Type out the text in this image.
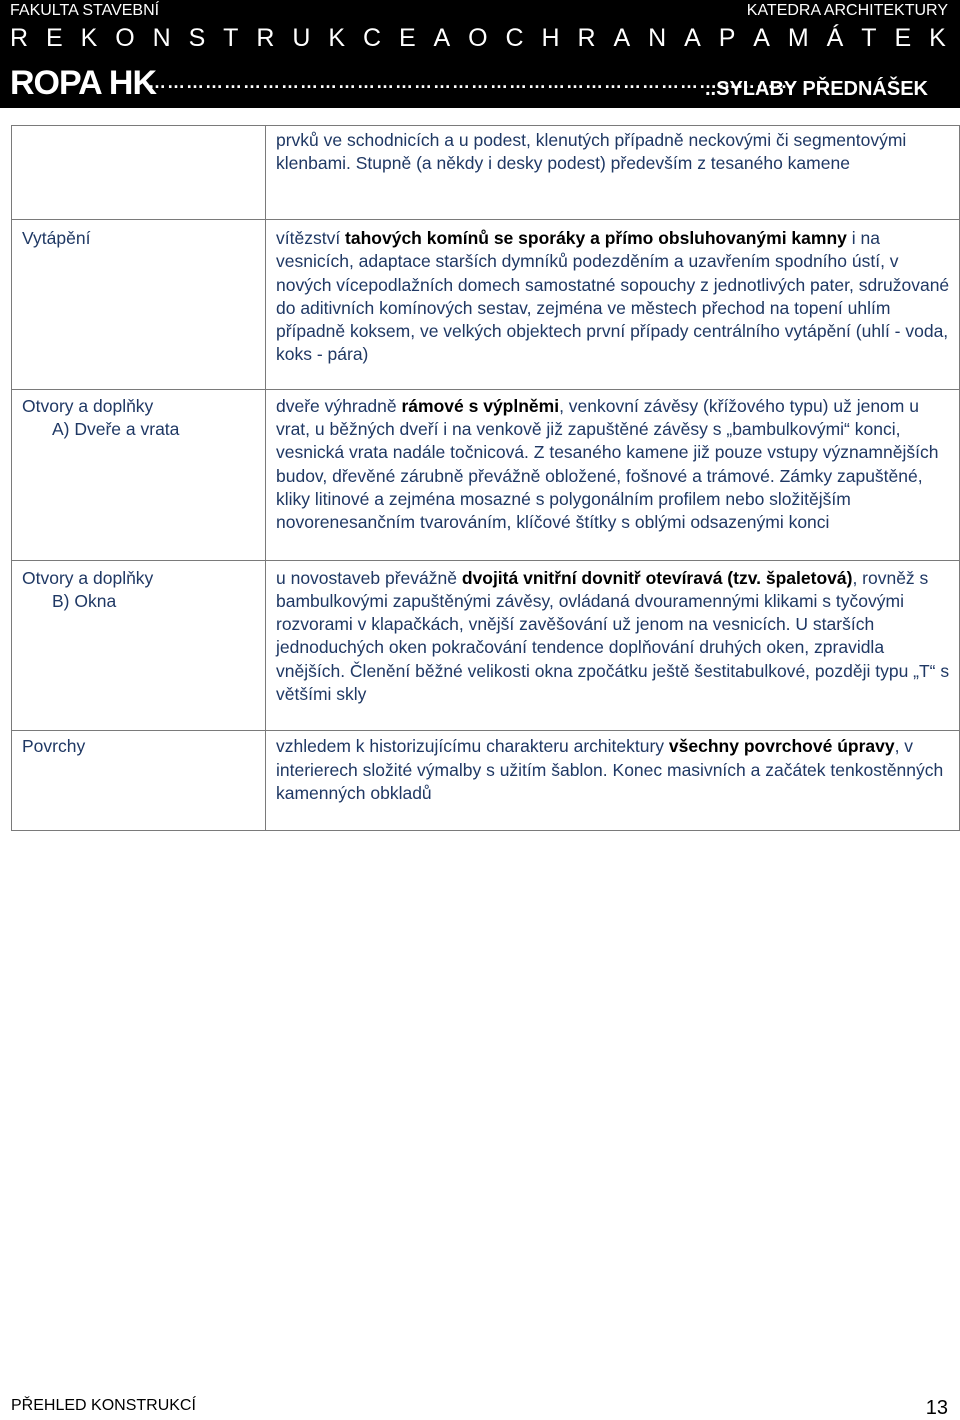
FAKULTA STAVEBNÍ	KATEDRA ARCHITEKTURY
R E K O N S T R U K C E A O C H R A N A P A M Á T E K
ROPA HK
…………………………………………………………………………………………
..SYLABY PŘEDNÁŠEK
	prvků ve schodnicích a u podest, klenutých případně neckovými či segmentovými klenbami. Stupně (a někdy i desky podest) především z tesaného kamene

Vytápění	vítězství tahových komínů se sporáky a přímo obsluhovanými kamny i na vesnicích, adaptace starších dymníků podezděním a uzavřením spodního ústí, v nových vícepodlažních domech samostatné sopouchy z jednotlivých pater, sdružované do aditivních komínových sestav, zejména ve městech přechod na topení uhlím případně koksem, ve velkých objektech první případy centrálního vytápění (uhlí - voda, koks - pára)

Otvory a doplňky
A) Dveře a vrata	dveře výhradně rámové s výplněmi, venkovní závěsy (křížového typu) už jenom u vrat, u běžných dveří i na venkově již zapuštěné závěsy s „bambulkovými“ konci, vesnická vrata nadále točnicová. Z tesaného kamene již pouze vstupy významnějších budov, dřevěné zárubně převážně obložené, fošnové a trámové. Zámky zapuštěné, kliky litinové a zejména mosazné s polygonálním profilem nebo složitějším novorenesančním tvarováním, klíčové štítky s oblými odsazenými konci

Otvory a doplňky
B) Okna	u novostaveb převážně dvojitá vnitřní dovnitř otevíravá (tzv. špaletová), rovněž s bambulkovými zapuštěnými závěsy, ovládaná dvouramennými klikami s tyčovými rozvorami v klapačkách, vnější zavěšování už jenom na vesnicích. U starších jednoduchých oken pokračování tendence doplňování druhých oken, zpravidla vnějších. Členění běžné velikosti okna zpočátku ještě šestitabulkové, později typu „T“ s většími skly

Povrchy	vzhledem k historizujícímu charakteru architektury všechny povrchové úpravy, v interierech složité výmalby s užitím šablon. Konec masivních a začátek tenkostěnných kamenných obkladů
PŘEHLED KONSTRUKCÍ	13
